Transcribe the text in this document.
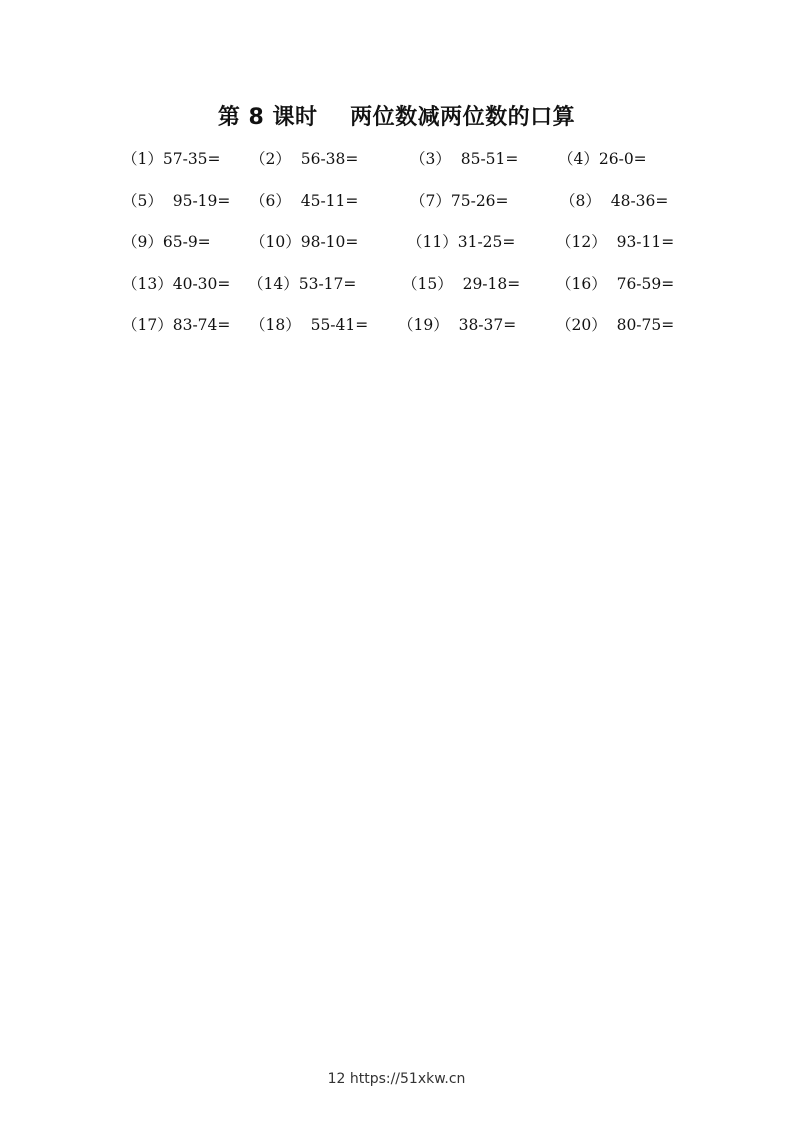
第 8 课时    两位数减两位数的口算
（1）57-35= （2）  56-38=	（3）  85-51=	（4）26-0=
（5）  95-19= （6）  45-11=	（7）75-26=	（8）  48-36=
（9）65-9=	（10）98-10=	（11）31-25=	（12）  93-11=
（13）40-30= （14）53-17=	（15）  29-18= （16）  76-59=
（17）83-74= （18）  55-41= （19）  38-37=	（20）  80-75=
12 https://51xkw.cn
